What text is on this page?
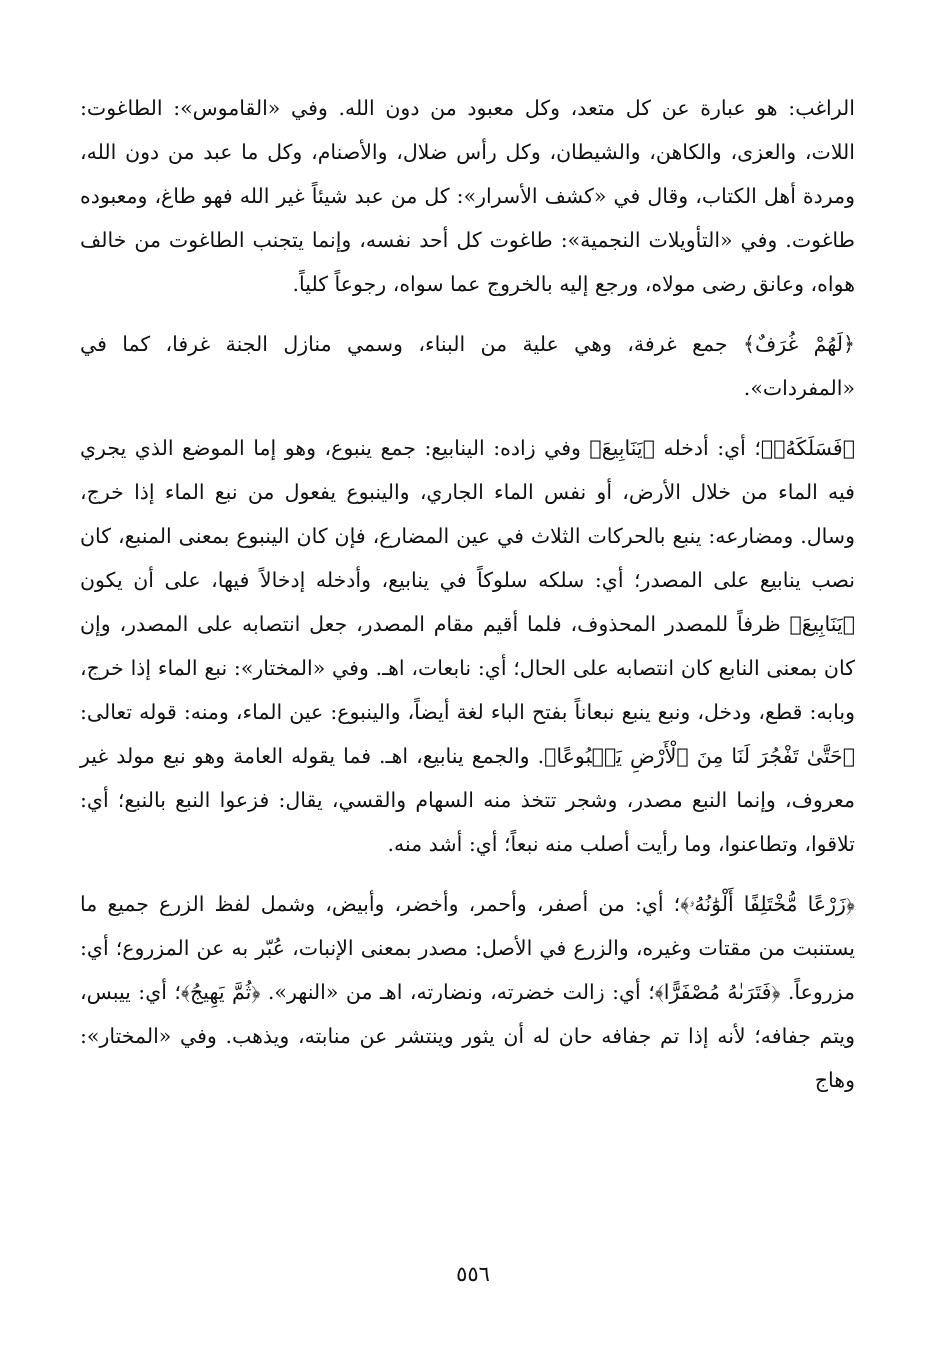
الراغب: هو عبارة عن كل متعد، وكل معبود من دون الله. وفي «القاموس»: الطاغوت: اللات، والعزى، والكاهن، والشيطان، وكل رأس ضلال، والأصنام، وكل ما عبد من دون الله، ومردة أهل الكتاب، وقال في «كشف الأسرار»: كل من عبد شيئاً غير الله فهو طاغ، ومعبوده طاغوت. وفي «التأويلات النجمية»: طاغوت كل أحد نفسه، وإنما يتجنب الطاغوت من خالف هواه، وعانق رضى مولاه، ورجع إليه بالخروج عما سواه، رجوعاً كلياً.

﴿لَهُمْ غُرَفٌ﴾ جمع غرفة، وهي علية من البناء، وسمي منازل الجنة غرفا، كما في «المفردات».

﴿فَسَلَكَهُۥ﴾؛ أي: أدخله ﴿يَنَابِيعَ﴾ وفي زاده: الينابيع: جمع ينبوع، وهو إما الموضع الذي يجري فيه الماء من خلال الأرض، أو نفس الماء الجاري، والينبوع يفعول من نبع الماء إذا خرج، وسال. ومضارعه: ينبع بالحركات الثلاث في عين المضارع، فإن كان الينبوع بمعنى المنبع، كان نصب ينابيع على المصدر؛ أي: سلكه سلوكاً في ينابيع، وأدخله إدخالاً فيها، على أن يكون ﴿يَنَابِيعَ﴾ ظرفاً للمصدر المحذوف، فلما أقيم مقام المصدر، جعل انتصابه على المصدر، وإن كان بمعنى النابع كان انتصابه على الحال؛ أي: نابعات، اهـ. وفي «المختار»: نبع الماء إذا خرج، وبابه: قطع، ودخل، ونبع ينبع نبعاناً بفتح الباء لغة أيضاً، والينبوع: عين الماء، ومنه: قوله تعالى: ﴿حَتَّىٰ تَفْجُرَ لَنَا مِنَ ٱلْأَرْضِ يَنۢبُوعًا﴾. والجمع ينابيع، اهـ. فما يقوله العامة وهو نبع مولد غير معروف، وإنما النبع مصدر، وشجر تتخذ منه السهام والقسي، يقال: فزعوا النبع بالنبع؛ أي: تلاقوا، وتطاعنوا، وما رأيت أصلب منه نبعاً؛ أي: أشد منه.

﴿زَرْعًا مُّخْتَلِفًا أَلْوَٰنُهُۥ﴾؛ أي: من أصفر، وأحمر، وأخضر، وأبيض، وشمل لفظ الزرع جميع ما يستنبت من مقتات وغيره، والزرع في الأصل: مصدر بمعنى الإنبات، عُبّر به عن المزروع؛ أي: مزروعاً. ﴿فَتَرَىٰهُ مُصْفَرًّا﴾؛ أي: زالت خضرته، ونضارته، اهـ من «النهر». ﴿ثُمَّ يَهِيجُ﴾؛ أي: ييبس، ويتم جفافه؛ لأنه إذا تم جفافه حان له أن يثور وينتشر عن منابته، ويذهب. وفي «المختار»: وهاج

٥٥٦
